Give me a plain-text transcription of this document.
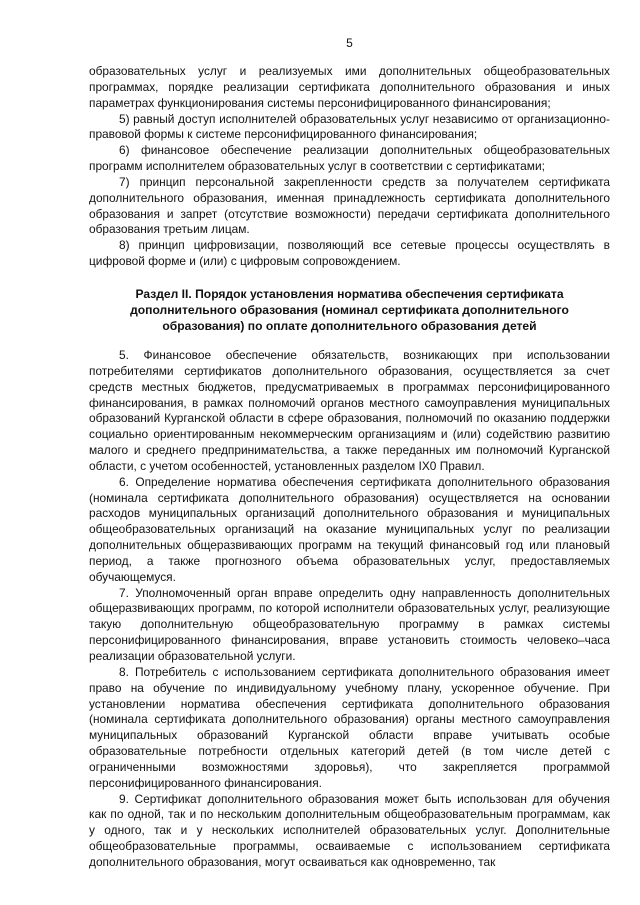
5

образовательных услуг и реализуемых ими дополнительных общеобразовательных программах, порядке реализации сертификата дополнительного образования и иных параметрах функционирования системы персонифицированного финансирования;

5) равный доступ исполнителей образовательных услуг независимо от организационно-правовой формы к системе персонифицированного финансирования;

6) финансовое обеспечение реализации дополнительных общеобразовательных программ исполнителем образовательных услуг в соответствии с сертификатами;

7) принцип персональной закрепленности средств за получателем сертификата дополнительного образования, именная принадлежность сертификата дополнительного образования и запрет (отсутствие возможности) передачи сертификата дополнительного образования третьим лицам.

8) принцип цифровизации, позволяющий все сетевые процессы осуществлять в цифровой форме и (или) с цифровым сопровождением.

Раздел II. Порядок установления норматива обеспечения сертификата дополнительного образования (номинал сертификата дополнительного образования) по оплате дополнительного образования детей

5. Финансовое обеспечение обязательств, возникающих при использовании потребителями сертификатов дополнительного образования, осуществляется за счет средств местных бюджетов, предусматриваемых в программах персонифицированного финансирования, в рамках полномочий органов местного самоуправления муниципальных образований Курганской области в сфере образования, полномочий по оказанию поддержки социально ориентированным некоммерческим организациям и (или) содействию развитию малого и среднего предпринимательства, а также переданных им полномочий Курганской области, с учетом особенностей, установленных разделом IX0 Правил.

6. Определение норматива обеспечения сертификата дополнительного образования (номинала сертификата дополнительного образования) осуществляется на основании расходов муниципальных организаций дополнительного образования и муниципальных общеобразовательных организаций на оказание муниципальных услуг по реализации дополнительных общеразвивающих программ на текущий финансовый год или плановый период, а также прогнозного объема образовательных услуг, предоставляемых обучающемуся.

7. Уполномоченный орган вправе определить одну направленность дополнительных общеразвивающих программ, по которой исполнители образовательных услуг, реализующие такую дополнительную общеобразовательную программу в рамках системы персонифицированного финансирования, вправе установить стоимость человеко–часа реализации образовательной услуги.

8. Потребитель с использованием сертификата дополнительного образования имеет право на обучение по индивидуальному учебному плану, ускоренное обучение. При установлении норматива обеспечения сертификата дополнительного образования (номинала сертификата дополнительного образования) органы местного самоуправления муниципальных образований Курганской области вправе учитывать особые образовательные потребности отдельных категорий детей (в том числе детей с ограниченными возможностями здоровья), что закрепляется программой персонифицированного финансирования.

9. Сертификат дополнительного образования может быть использован для обучения как по одной, так и по нескольким дополнительным общеобразовательным программам, как у одного, так и у нескольких исполнителей образовательных услуг. Дополнительные общеобразовательные программы, осваиваемые с использованием сертификата дополнительного образования, могут осваиваться как одновременно, так
